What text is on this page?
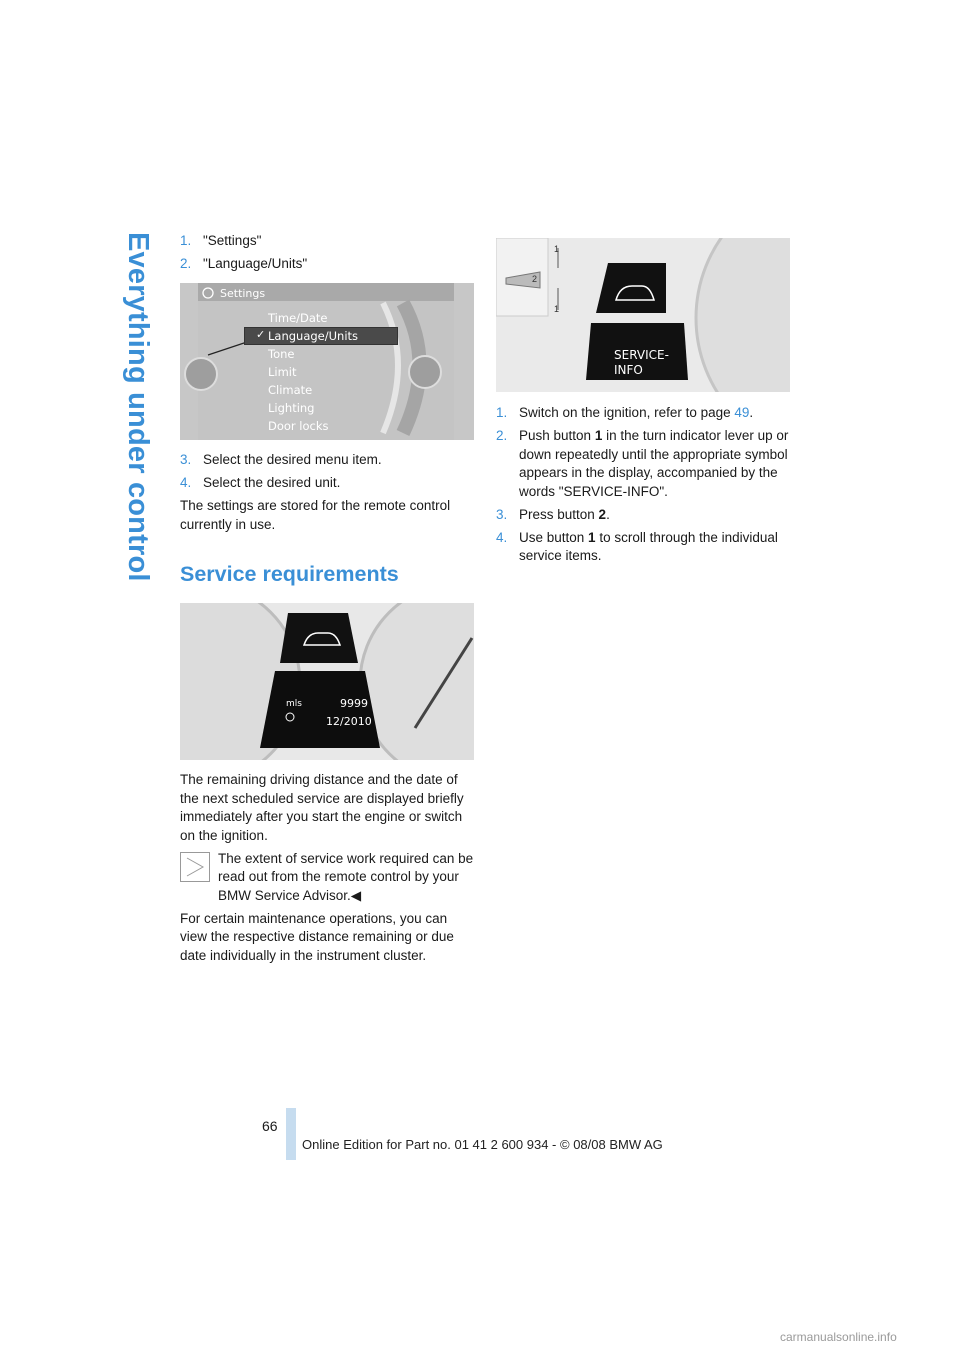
Everything under control 1. "Settings"
2. "Language/Units"
Settings
Time/Date
✓ Language/Units
Tone
Limit
Climate
Lighting
Door locks
3. Select the desired menu item.
4. Select the desired unit.
The settings are stored for the remote control currently in use.
Service requirements
mls	9999
12/2010
The remaining driving distance and the date of the next scheduled service are displayed briefly immediately after you start the engine or switch on the ignition.
The extent of service work required can be read out from the remote control by your BMW Service Advisor.◀
For certain maintenance operations, you can view the respective distance remaining or due date individually in the instrument cluster.
1
2
1
SERVICE-
INFO
1. Switch on the ignition, refer to page 49.
2. Push button 1 in the turn indicator lever up or down repeatedly until the appropriate symbol appears in the display, accompanied by the words "SERVICE-INFO".
3. Press button 2.
4. Use button 1 to scroll through the individual service items.
66
Online Edition for Part no. 01 41 2 600 934 - © 08/08 BMW AG
carmanualsonline.info
